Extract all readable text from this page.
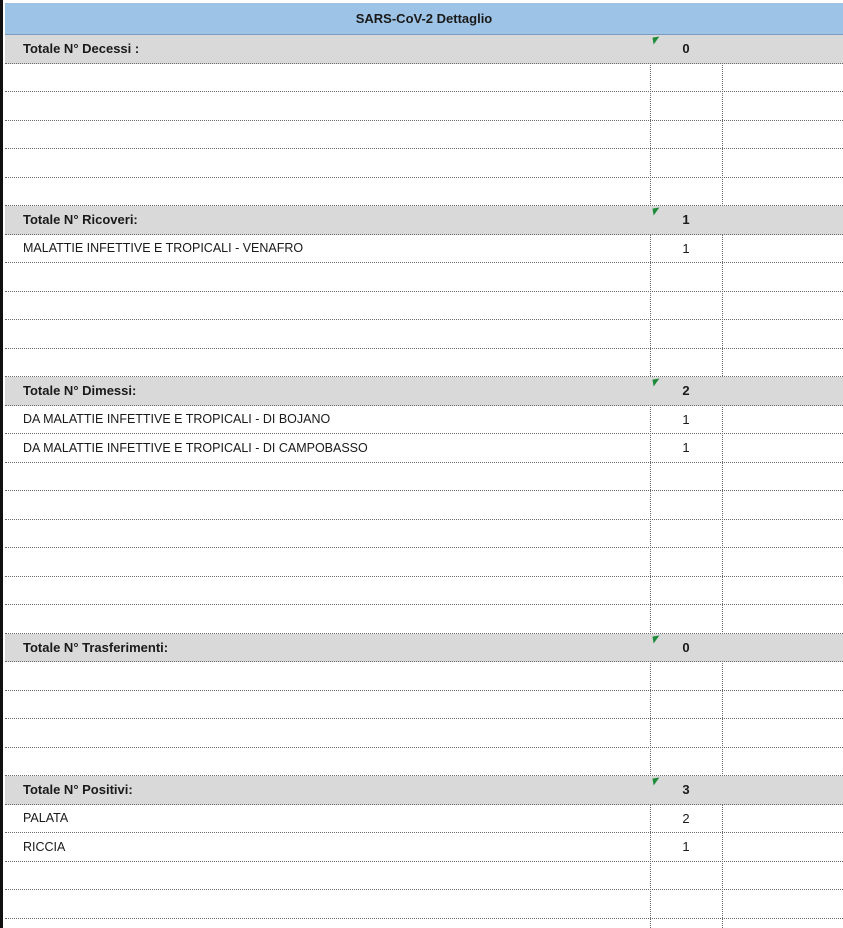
SARS-CoV-2 Dettaglio
Totale N° Decessi :	0
Totale N° Ricoveri:	1
MALATTIE INFETTIVE E TROPICALI - VENAFRO	1
Totale N° Dimessi:	2
DA MALATTIE INFETTIVE E TROPICALI - DI BOJANO	1
DA MALATTIE INFETTIVE E TROPICALI - DI CAMPOBASSO	1
Totale N° Trasferimenti:	0
Totale N° Positivi:	3
PALATA	2
RICCIA	1
